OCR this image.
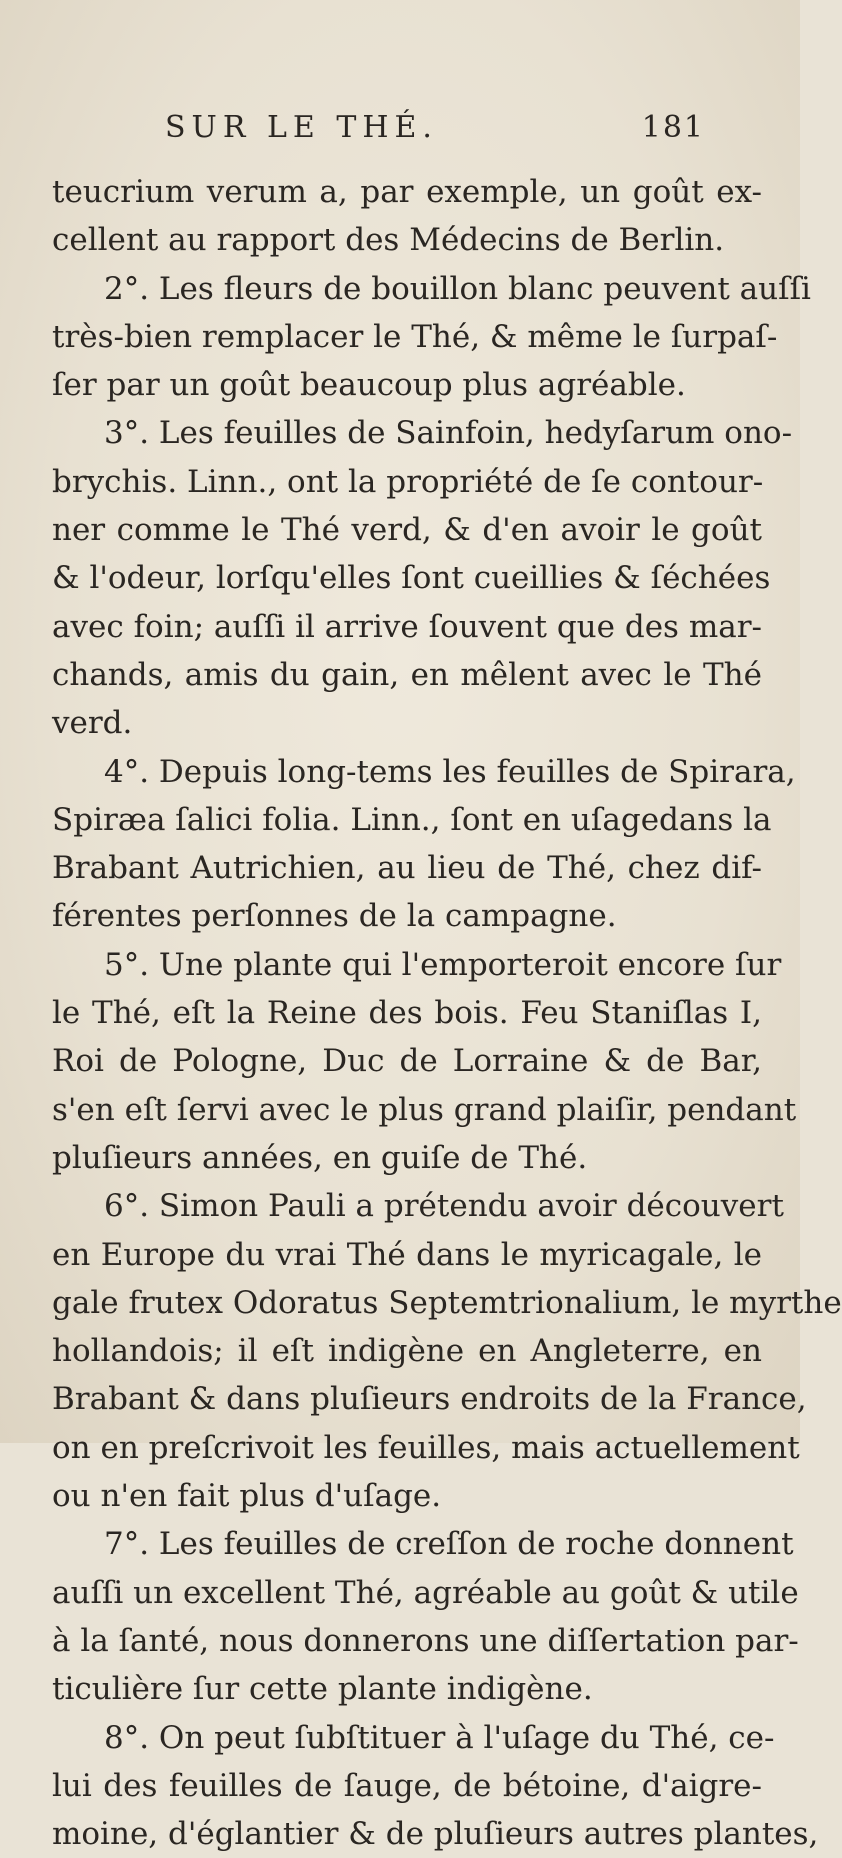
SUR LE THÉ.	181
teucrium verum a, par exemple, un goût ex-
cellent au rapport des Médecins de Berlin.
2°. Les fleurs de bouillon blanc peuvent auſſi
très-bien remplacer le Thé, & même le ſurpaſ-
ſer par un goût beaucoup plus agréable.
3°. Les feuilles de Sainfoin, hedyſarum ono-
brychis. Linn., ont la propriété de ſe contour-
ner comme le Thé verd, & d'en avoir le goût
& l'odeur, lorſqu'elles ſont cueillies & ſéchées
avec foin; auſſi il arrive ſouvent que des mar-
chands, amis du gain, en mêlent avec le Thé
verd.
4°. Depuis long-tems les feuilles de Spirara,
Spiræa ſalici folia. Linn., ſont en uſagedans la
Brabant Autrichien, au lieu de Thé, chez dif-
férentes perſonnes de la campagne.
5°. Une plante qui l'emporteroit encore ſur
le Thé, eſt la Reine des bois. Feu Staniſlas I,
Roi de Pologne, Duc de Lorraine & de Bar,
s'en eſt ſervi avec le plus grand plaiſir, pendant
pluſieurs années, en guiſe de Thé.
6°. Simon Pauli a prétendu avoir découvert
en Europe du vrai Thé dans le myricagale, le
gale frutex Odoratus Septemtrionalium, le myrthe
hollandois; il eſt indigène en Angleterre, en
Brabant & dans pluſieurs endroits de la France,
on en preſcrivoit les feuilles, mais actuellement
ou n'en fait plus d'uſage.
7°. Les feuilles de creſſon de roche donnent
auſſi un excellent Thé, agréable au goût & utile
à la ſanté, nous donnerons une diſſertation par-
ticulière ſur cette plante indigène.
8°. On peut ſubſtituer à l'uſage du Thé, ce-
lui des feuilles de ſauge, de bétoine, d'aigre-
moine, d'églantier & de pluſieurs autres plantes,
